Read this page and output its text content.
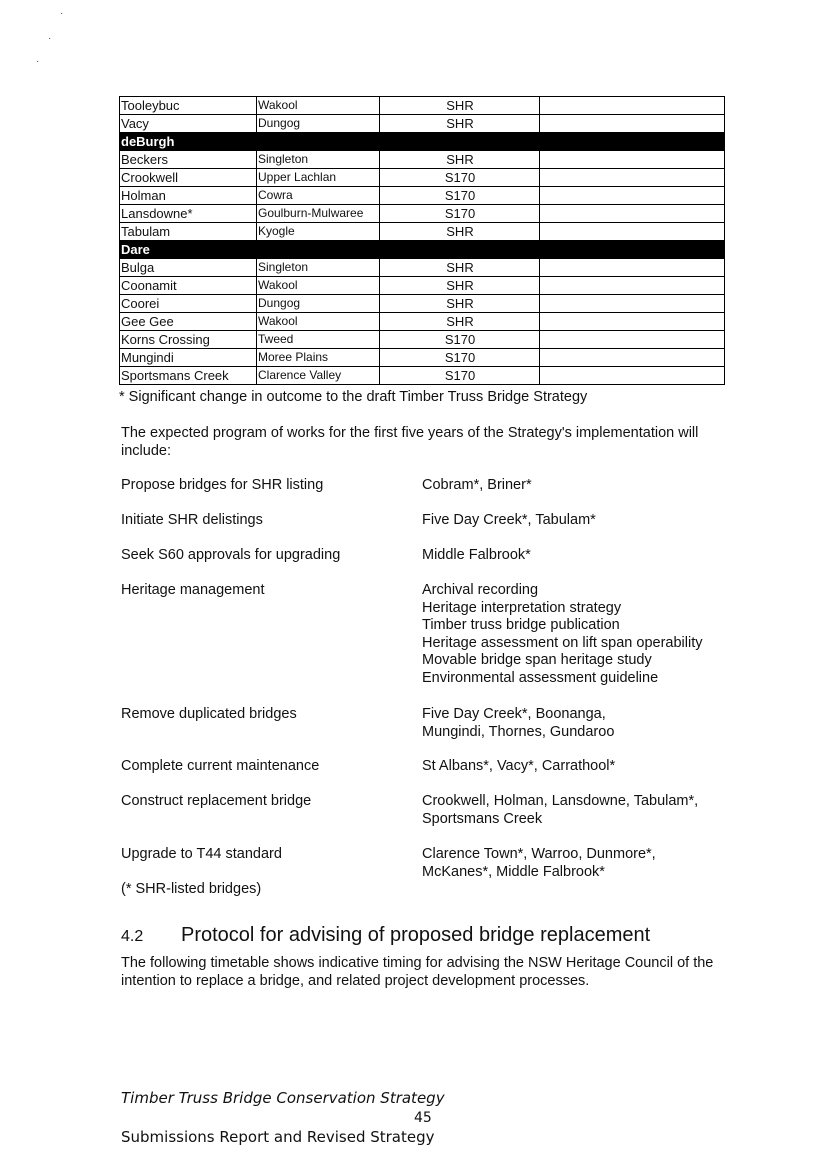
·
·
·
Tooleybuc	Wakool	SHR	
Vacy	Dungog	SHR	
deBurgh			
Beckers	Singleton	SHR	
Crookwell	Upper Lachlan	S170	
Holman	Cowra	S170	
Lansdowne*	Goulburn-Mulwaree	S170	
Tabulam	Kyogle	SHR	
Dare			
Bulga	Singleton	SHR	
Coonamit	Wakool	SHR	
Coorei	Dungog	SHR	
Gee Gee	Wakool	SHR	
Korns Crossing	Tweed	S170	
Mungindi	Moree Plains	S170	
Sportsmans Creek	Clarence Valley	S170	
* Significant change in outcome to the draft Timber Truss Bridge Strategy
The expected program of works for the first five years of the Strategy's implementation will include:
Propose bridges for SHR listing	Cobram*, Briner*
Initiate SHR delistings	Five Day Creek*, Tabulam*
Seek S60 approvals for upgrading	Middle Falbrook*
Heritage management	Archival recording
Heritage interpretation strategy
Timber truss bridge publication
Heritage assessment on lift span operability
Movable bridge span heritage study
Environmental assessment guideline
Remove duplicated bridges	Five Day Creek*, Boonanga,
Mungindi, Thornes, Gundaroo
Complete current maintenance	St Albans*, Vacy*, Carrathool*
Construct replacement bridge	Crookwell, Holman, Lansdowne, Tabulam*,
Sportsmans Creek
Upgrade to T44 standard	Clarence Town*, Warroo, Dunmore*,
McKanes*, Middle Falbrook*
(* SHR-listed bridges)
4.2 Protocol for advising of proposed bridge replacement
The following timetable shows indicative timing for advising the NSW Heritage Council of the intention to replace a bridge, and related project development processes.
Timber Truss Bridge Conservation Strategy
45
Submissions Report and Revised Strategy
